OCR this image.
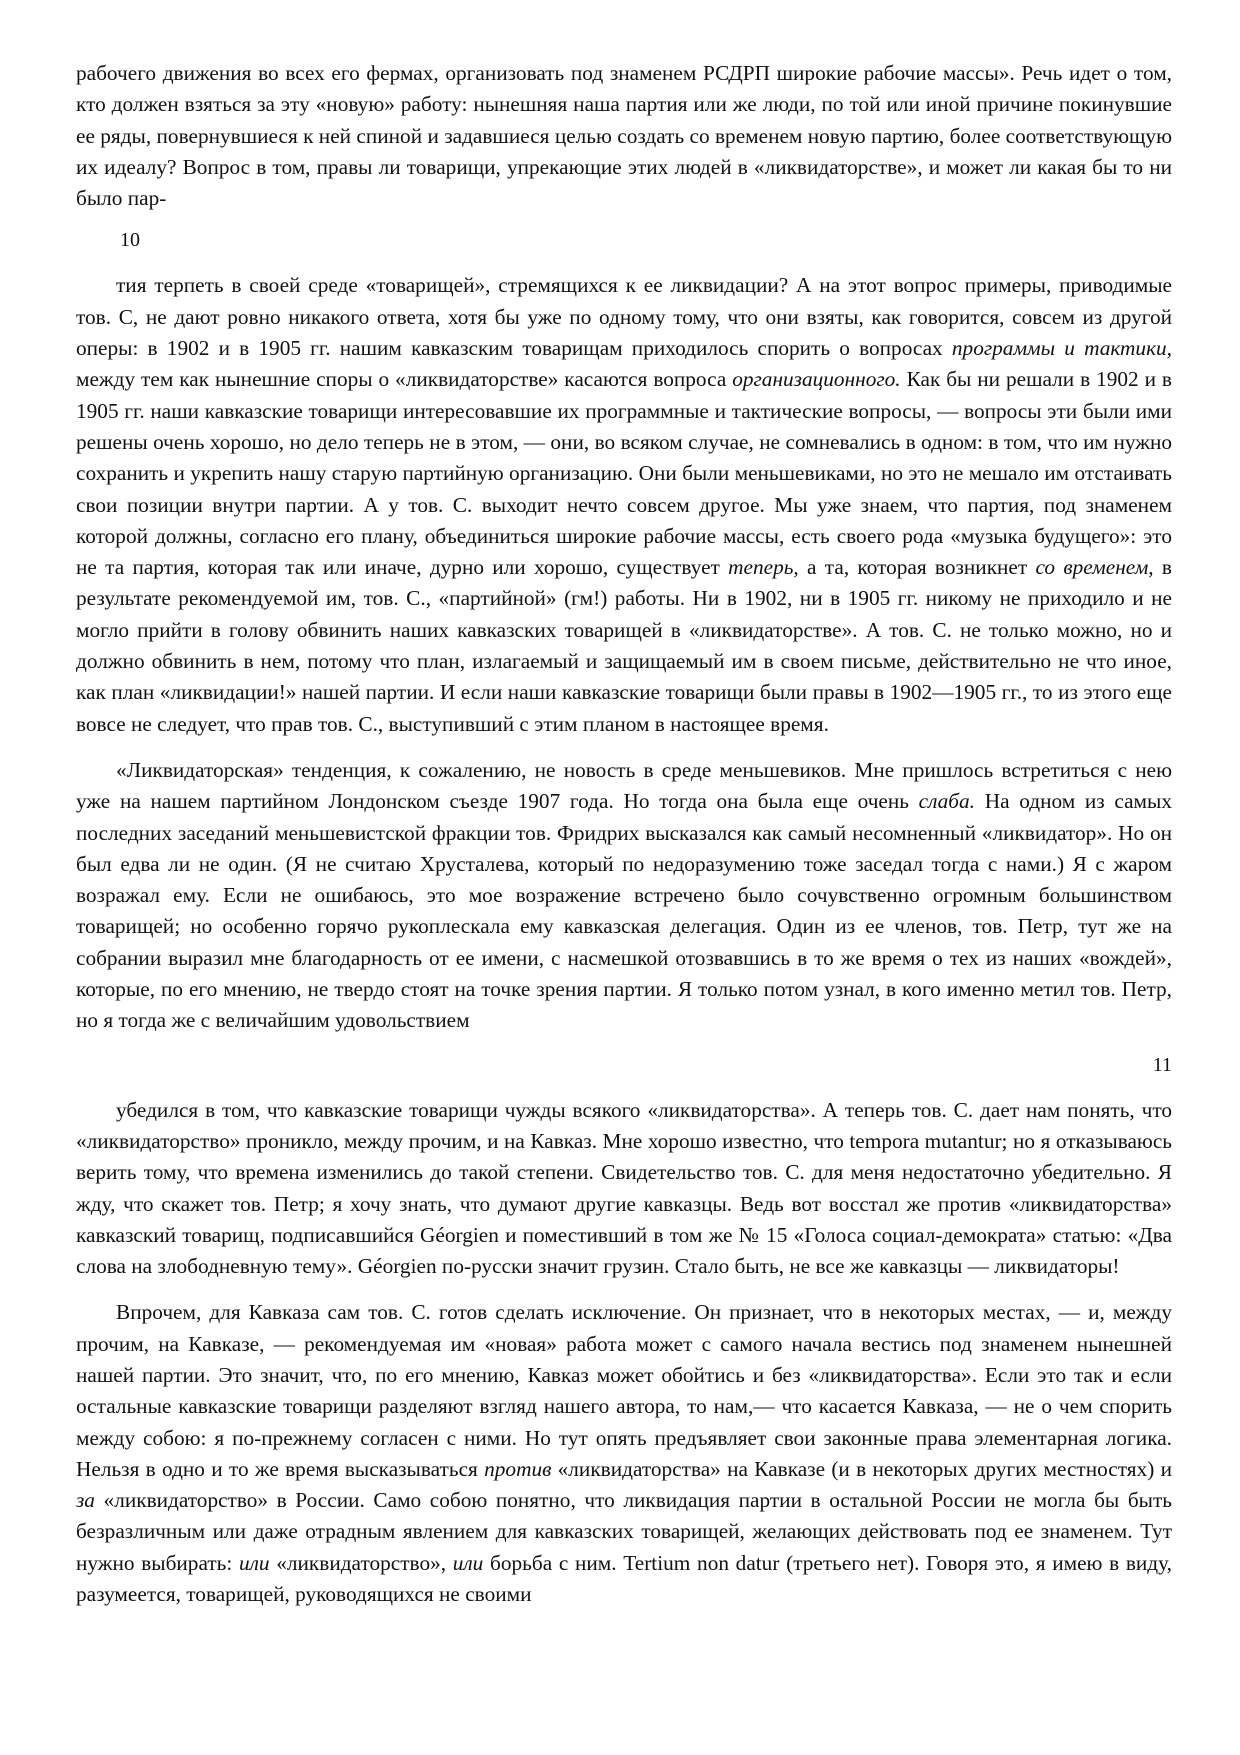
рабочего движения во всех его фермах, организовать под знаменем РСДРП широкие рабочие массы». Речь идет о том, кто должен взяться за эту «новую» работу: нынешняя наша партия или же люди, по той или иной причине покинувшие ее ряды, повернувшиеся к ней спиной и задавшиеся целью создать со временем новую партию, более соответствующую их идеалу? Вопрос в том, правы ли товарищи, упрекающие этих людей в «ликвидаторстве», и может ли какая бы то ни было пар-

10

тия терпеть в своей среде «товарищей», стремящихся к ее ликвидации? А на этот вопрос примеры, приводимые тов. С, не дают ровно никакого ответа, хотя бы уже по одному тому, что они взяты, как говорится, совсем из другой оперы: в 1902 и в 1905 гг. нашим кавказским товарищам приходилось спорить о вопросах программы и тактики, между тем как нынешние споры о «ликвидаторстве» касаются вопроса организационного. Как бы ни решали в 1902 и в 1905 гг. наши кавказские товарищи интересовавшие их программные и тактические вопросы, — вопросы эти были ими решены очень хорошо, но дело теперь не в этом, — они, во всяком случае, не сомневались в одном: в том, что им нужно сохранить и укрепить нашу старую партийную организацию. Они были меньшевиками, но это не мешало им отстаивать свои позиции внутри партии. А у тов. С. выходит нечто совсем другое. Мы уже знаем, что партия, под знаменем которой должны, согласно его плану, объединиться широкие рабочие массы, есть своего рода «музыка будущего»: это не та партия, которая так или иначе, дурно или хорошо, существует теперь, а та, которая возникнет со временем, в результате рекомендуемой им, тов. С., «партийной» (гм!) работы. Ни в 1902, ни в 1905 гг. никому не приходило и не могло прийти в голову обвинить наших кавказских товарищей в «ликвидаторстве». А тов. С. не только можно, но и должно обвинить в нем, потому что план, излагаемый и защищаемый им в своем письме, действительно не что иное, как план «ликвидации!» нашей партии. И если наши кавказские товарищи были правы в 1902—1905 гг., то из этого еще вовсе не следует, что прав тов. С., выступивший с этим планом в настоящее время.

«Ликвидаторская» тенденция, к сожалению, не новость в среде меньшевиков. Мне пришлось встретиться с нею уже на нашем партийном Лондонском съезде 1907 года. Но тогда она была еще очень слаба. На одном из самых последних заседаний меньшевистской фракции тов. Фридрих высказался как самый несомненный «ликвидатор». Но он был едва ли не один. (Я не считаю Хрусталева, который по недоразумению тоже заседал тогда с нами.) Я с жаром возражал ему. Если не ошибаюсь, это мое возражение встречено было сочувственно огромным большинством товарищей; но особенно горячо рукоплескала ему кавказская делегация. Один из ее членов, тов. Петр, тут же на собрании выразил мне благодарность от ее имени, с насмешкой отозвавшись в то же время о тех из наших «вождей», которые, по его мнению, не твердо стоят на точке зрения партии. Я только потом узнал, в кого именно метил тов. Петр, но я тогда же с величайшим удовольствием

11

убедился в том, что кавказские товарищи чужды всякого «ликвидаторства». А теперь тов. С. дает нам понять, что «ликвидаторство» проникло, между прочим, и на Кавказ. Мне хорошо известно, что tempora mutantur; но я отказываюсь верить тому, что времена изменились до такой степени. Свидетельство тов. С. для меня недостаточно убедительно. Я жду, что скажет тов. Петр; я хочу знать, что думают другие кавказцы. Ведь вот восстал же против «ликвидаторства» кавказский товарищ, подписавшийся Géorgien и поместивший в том же № 15 «Голоса социал-демократа» статью: «Два слова на злободневную тему». Géorgien по-русски значит грузин. Стало быть, не все же кавказцы — ликвидаторы!

Впрочем, для Кавказа сам тов. С. готов сделать исключение. Он признает, что в некоторых местах, — и, между прочим, на Кавказе, — рекомендуемая им «новая» работа может с самого начала вестись под знаменем нынешней нашей партии. Это значит, что, по его мнению, Кавказ может обойтись и без «ликвидаторства». Если это так и если остальные кавказские товарищи разделяют взгляд нашего автора, то нам,— что касается Кавказа, — не о чем спорить между собою: я по-прежнему согласен с ними. Но тут опять предъявляет свои законные права элементарная логика. Нельзя в одно и то же время высказываться против «ликвидаторства» на Кавказе (и в некоторых других местностях) и за «ликвидаторство» в России. Само собою понятно, что ликвидация партии в остальной России не могла бы быть безразличным или даже отрадным явлением для кавказских товарищей, желающих действовать под ее знаменем. Тут нужно выбирать: или «ликвидаторство», или борьба с ним. Tertium non datur (третьего нет). Говоря это, я имею в виду, разумеется, товарищей, руководящихся не своими
